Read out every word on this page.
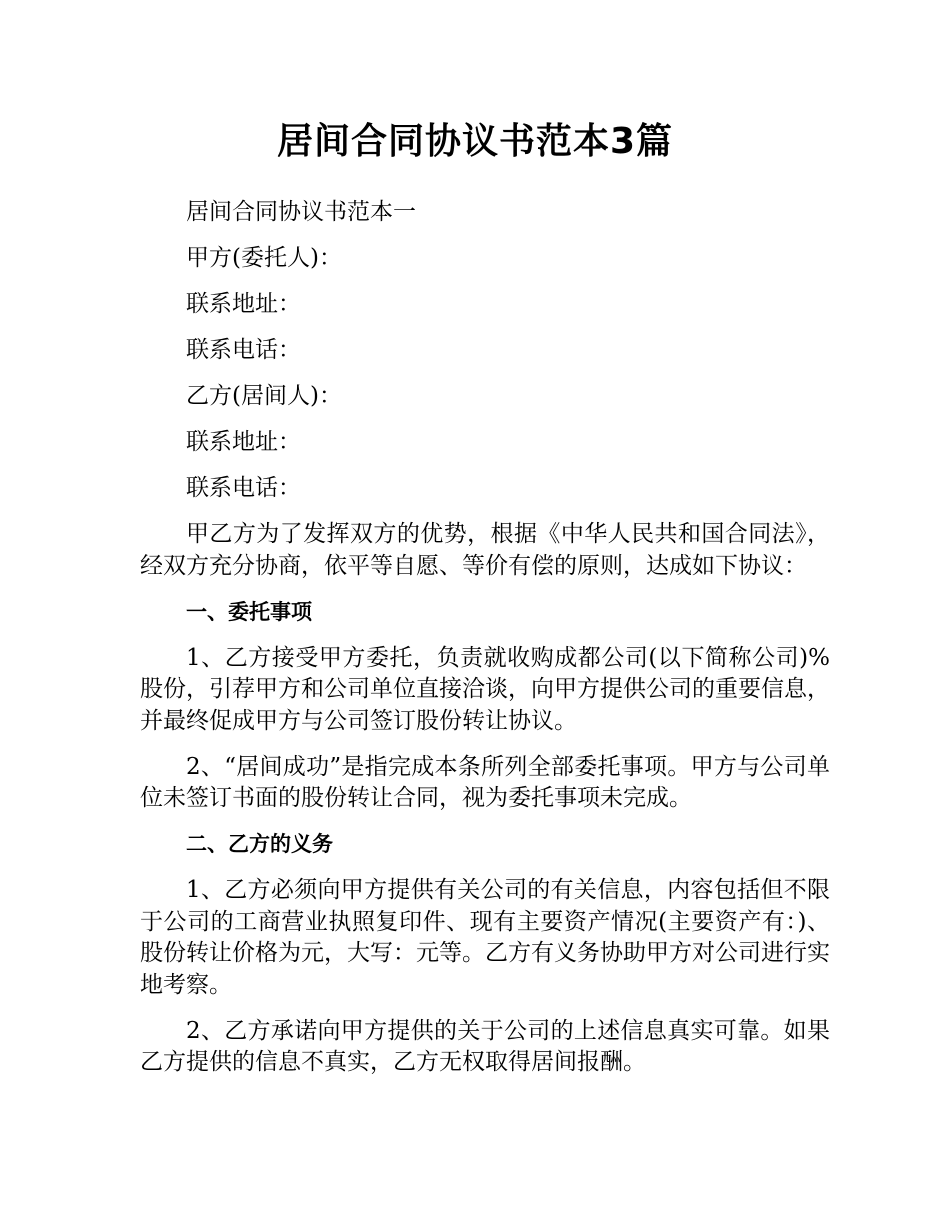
居间合同协议书范本3篇

居间合同协议书范本一

甲方(委托人)：

联系地址：

联系电话：

乙方(居间人)：

联系地址：

联系电话：

甲乙方为了发挥双方的优势，根据《中华人民共和国合同法》，经双方充分协商，依平等自愿、等价有偿的原则，达成如下协议：

一、委托事项

1、乙方接受甲方委托，负责就收购成都公司(以下简称公司)%股份，引荐甲方和公司单位直接洽谈，向甲方提供公司的重要信息，并最终促成甲方与公司签订股份转让协议。

2、“居间成功”是指完成本条所列全部委托事项。甲方与公司单位未签订书面的股份转让合同，视为委托事项未完成。

二、乙方的义务

1、乙方必须向甲方提供有关公司的有关信息，内容包括但不限于公司的工商营业执照复印件、现有主要资产情况(主要资产有：)、股份转让价格为元，大写：元等。乙方有义务协助甲方对公司进行实地考察。

2、乙方承诺向甲方提供的关于公司的上述信息真实可靠。如果乙方提供的信息不真实，乙方无权取得居间报酬。
